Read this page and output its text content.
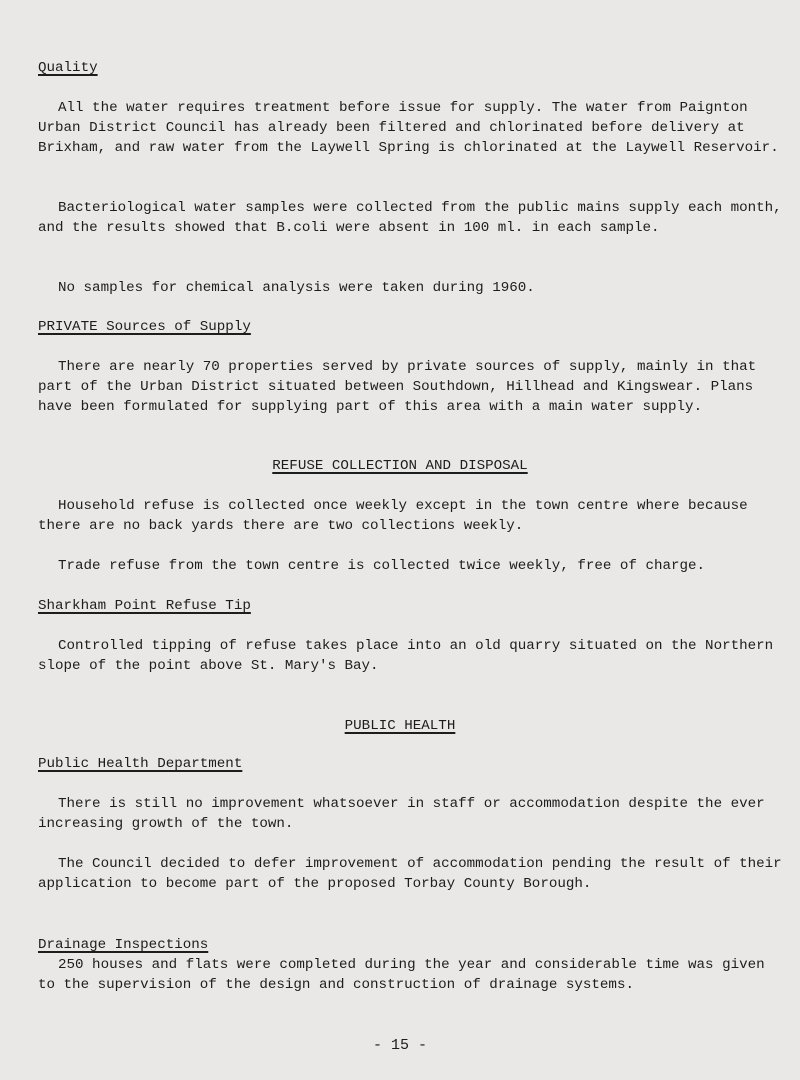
Quality

All the water requires treatment before issue for supply. The water from Paignton Urban District Council has already been filtered and chlorinated before delivery at Brixham, and raw water from the Laywell Spring is chlorinated at the Laywell Reservoir.

Bacteriological water samples were collected from the public mains supply each month, and the results showed that B.coli were absent in 100 ml. in each sample.

No samples for chemical analysis were taken during 1960.

PRIVATE Sources of Supply

There are nearly 70 properties served by private sources of supply, mainly in that part of the Urban District situated between Southdown, Hillhead and Kingswear. Plans have been formulated for supplying part of this area with a main water supply.

REFUSE COLLECTION AND DISPOSAL

Household refuse is collected once weekly except in the town centre where because there are no back yards there are two collections weekly.

Trade refuse from the town centre is collected twice weekly, free of charge.

Sharkham Point Refuse Tip

Controlled tipping of refuse takes place into an old quarry situated on the Northern slope of the point above St. Mary's Bay.

PUBLIC HEALTH
Public Health Department

There is still no improvement whatsoever in staff or accommodation despite the ever increasing growth of the town.

The Council decided to defer improvement of accommodation pending the result of their application to become part of the proposed Torbay County Borough.

Drainage Inspections

250 houses and flats were completed during the year and considerable time was given to the supervision of the design and construction of drainage systems.

- 15 -
